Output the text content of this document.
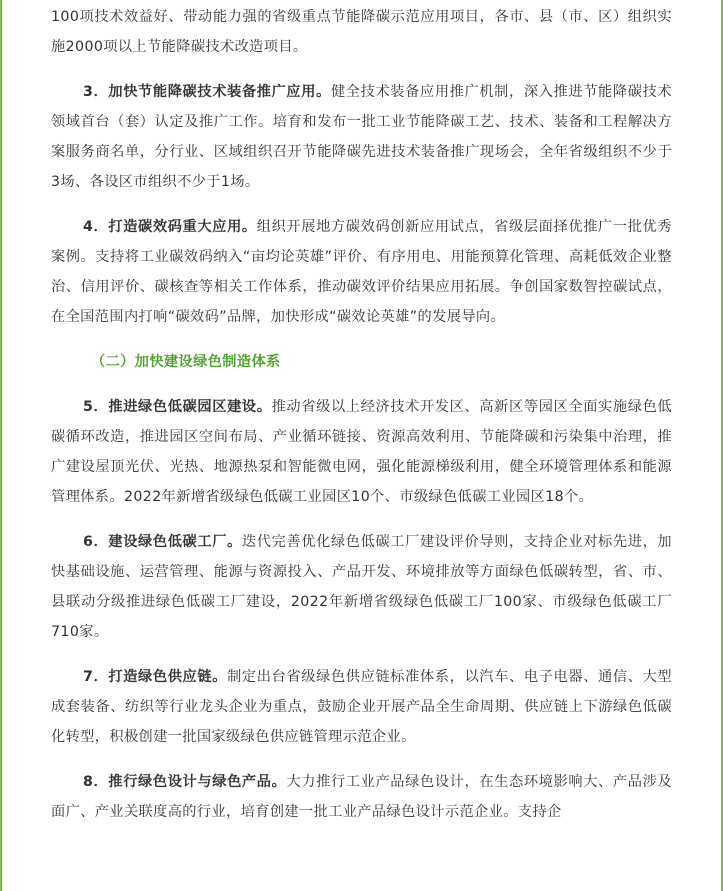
100项技术效益好、带动能力强的省级重点节能降碳示范应用项目，各市、县（市、区）组织实施2000项以上节能降碳技术改造项目。

3．加快节能降碳技术装备推广应用。健全技术装备应用推广机制，深入推进节能降碳技术领域首台（套）认定及推广工作。培育和发布一批工业节能降碳工艺、技术、装备和工程解决方案服务商名单，分行业、区域组织召开节能降碳先进技术装备推广现场会，全年省级组织不少于3场、各设区市组织不少于1场。

4．打造碳效码重大应用。组织开展地方碳效码创新应用试点，省级层面择优推广一批优秀案例。支持将工业碳效码纳入“亩均论英雄”评价、有序用电、用能预算化管理、高耗低效企业整治、信用评价、碳核查等相关工作体系，推动碳效评价结果应用拓展。争创国家数智控碳试点，在全国范围内打响“碳效码”品牌，加快形成“碳效论英雄”的发展导向。

（二）加快建设绿色制造体系

5．推进绿色低碳园区建设。推动省级以上经济技术开发区、高新区等园区全面实施绿色低碳循环改造，推进园区空间布局、产业循环链接、资源高效利用、节能降碳和污染集中治理，推广建设屋顶光伏、光热、地源热泵和智能微电网，强化能源梯级利用，健全环境管理体系和能源管理体系。2022年新增省级绿色低碳工业园区10个、市级绿色低碳工业园区18个。

6．建设绿色低碳工厂。迭代完善优化绿色低碳工厂建设评价导则，支持企业对标先进，加快基础设施、运营管理、能源与资源投入、产品开发、环境排放等方面绿色低碳转型，省、市、县联动分级推进绿色低碳工厂建设，2022年新增省级绿色低碳工厂100家、市级绿色低碳工厂710家。

7．打造绿色供应链。制定出台省级绿色供应链标准体系，以汽车、电子电器、通信、大型成套装备、纺织等行业龙头企业为重点，鼓励企业开展产品全生命周期、供应链上下游绿色低碳化转型，积极创建一批国家级绿色供应链管理示范企业。

8．推行绿色设计与绿色产品。大力推行工业产品绿色设计，在生态环境影响大、产品涉及面广、产业关联度高的行业，培育创建一批工业产品绿色设计示范企业。支持企
